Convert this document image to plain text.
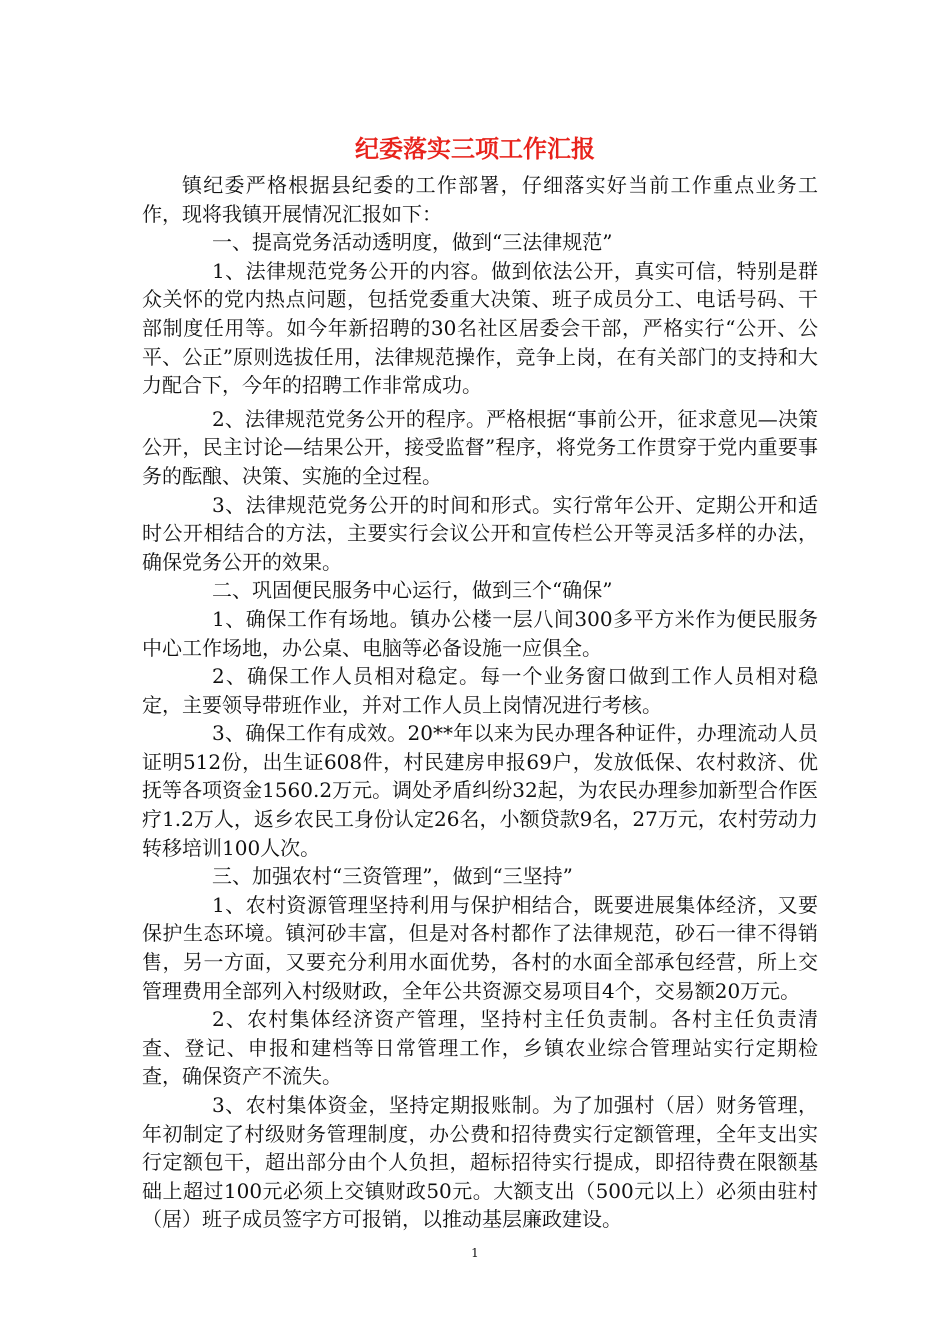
纪委落实三项工作汇报

镇纪委严格根据县纪委的工作部署，仔细落实好当前工作重点业务工作，现将我镇开展情况汇报如下：

一、提高党务活动透明度，做到“三法律规范”

1、法律规范党务公开的内容。做到依法公开，真实可信，特别是群众关怀的党内热点问题，包括党委重大决策、班子成员分工、电话号码、干部制度任用等。如今年新招聘的30名社区居委会干部，严格实行“公开、公平、公正”原则选拔任用，法律规范操作，竞争上岗，在有关部门的支持和大力配合下，今年的招聘工作非常成功。

2、法律规范党务公开的程序。严格根据“事前公开，征求意见—决策公开，民主讨论—结果公开，接受监督”程序，将党务工作贯穿于党内重要事务的酝酿、决策、实施的全过程。

3、法律规范党务公开的时间和形式。实行常年公开、定期公开和适时公开相结合的方法，主要实行会议公开和宣传栏公开等灵活多样的办法，确保党务公开的效果。

二、巩固便民服务中心运行，做到三个“确保”

1、确保工作有场地。镇办公楼一层八间300多平方米作为便民服务中心工作场地，办公桌、电脑等必备设施一应俱全。

2、确保工作人员相对稳定。每一个业务窗口做到工作人员相对稳定，主要领导带班作业，并对工作人员上岗情况进行考核。

3、确保工作有成效。20**年以来为民办理各种证件，办理流动人员证明512份，出生证608件，村民建房申报69户，发放低保、农村救济、优抚等各项资金1560.2万元。调处矛盾纠纷32起，为农民办理参加新型合作医疗1.2万人，返乡农民工身份认定26名，小额贷款9名，27万元，农村劳动力转移培训100人次。

三、加强农村“三资管理”，做到“三坚持”

1、农村资源管理坚持利用与保护相结合，既要进展集体经济，又要保护生态环境。镇河砂丰富，但是对各村都作了法律规范，砂石一律不得销售，另一方面，又要充分利用水面优势，各村的水面全部承包经营，所上交管理费用全部列入村级财政，全年公共资源交易项目4个，交易额20万元。

2、农村集体经济资产管理，坚持村主任负责制。各村主任负责清查、登记、申报和建档等日常管理工作，乡镇农业综合管理站实行定期检查，确保资产不流失。

3、农村集体资金，坚持定期报账制。为了加强村（居）财务管理，年初制定了村级财务管理制度，办公费和招待费实行定额管理，全年支出实行定额包干，超出部分由个人负担，超标招待实行提成，即招待费在限额基础上超过100元必须上交镇财政50元。大额支出（500元以上）必须由驻村（居）班子成员签字方可报销，以推动基层廉政建设。

1
